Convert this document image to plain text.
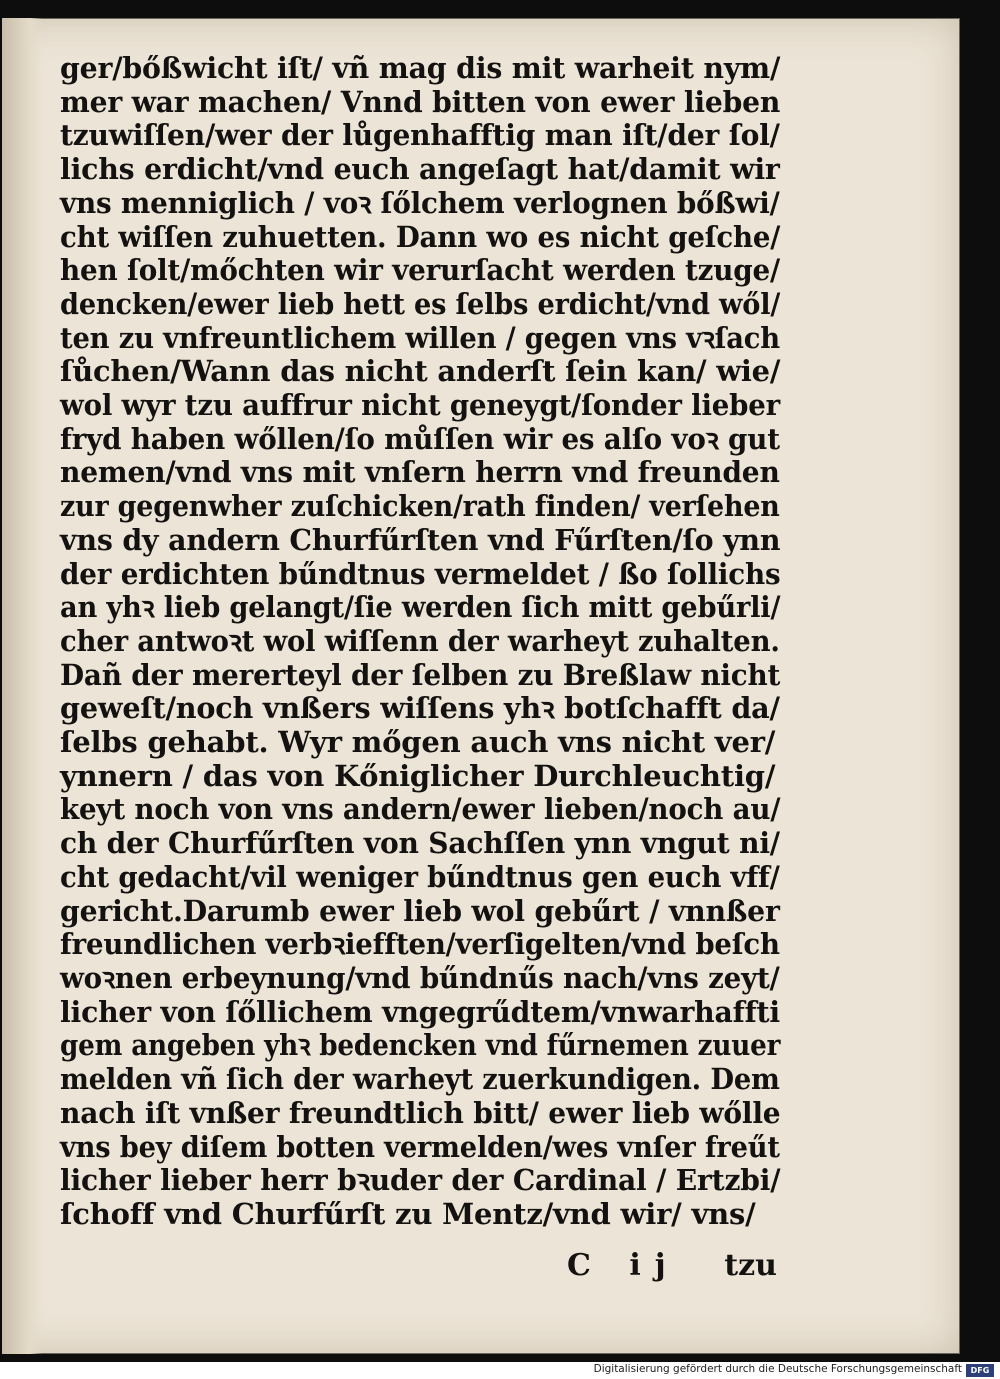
ger/bőßwicht iſt/ vñ mag dis mit warheit nym/
mer war machen/ Vnnd bitten von ewer lieben
tzuwiſſen/wer der lůgenhafftig man iſt/der ſol/
lichs erdicht/vnd euch angeſagt hat/damit wir
vns menniglich / voꝛ ſőlchem verlognen bőßwi/
cht wiſſen zuhuetten. Dann wo es nicht geſche/
hen ſolt/mőchten wir verurſacht werden tzuge/
dencken/ewer lieb hett es ſelbs erdicht/vnd wől/
ten zu vnfreuntlichem willen / gegen vns vꝛſach
ſůchen/Wann das nicht anderſt ſein kan/ wie/
wol wyr tzu auffrur nicht geneygt/ſonder lieber
fryd haben wőllen/ſo můſſen wir es alſo voꝛ gut
nemen/vnd vns mit vnſern herrn vnd freunden
zur gegenwher zuſchicken/rath finden/ verſehen
vns dy andern Churfűrſten vnd Fűrſten/ſo ynn
der erdichten bűndtnus vermeldet / ßo ſollichs
an yhꝛ lieb gelangt/ſie werden ſich mitt gebűrli/
cher antwoꝛt wol wiſſenn der warheyt zuhalten.
Dañ der mererteyl der ſelben zu Breßlaw nicht
geweſt/noch vnßers wiſſens yhꝛ botſchafft da/
ſelbs gehabt. Wyr mőgen auch vns nicht ver/
ynnern / das von Kőniglicher Durchleuchtig/
keyt noch von vns andern/ewer lieben/noch au/
ch der Churfűrſten von Sachſſen ynn vngut ni/
cht gedacht/vil weniger bűndtnus gen euch vff/
gericht.Darumb ewer lieb wol gebűrt / vnnßer
freundlichen verbꝛiefften/verſigelten/vnd beſch
woꝛnen erbeynung/vnd bűndnűs nach/vns zeyt/
licher von ſőllichem vngegrűdtem/vnwarhaffti
gem angeben yhꝛ bedencken vnd fűrnemen zuuer
melden vñ ſich der warheyt zuerkundigen. Dem
nach iſt vnßer freundtlich bitt/ ewer lieb wőlle
vns bey diſem botten vermelden/wes vnſer freűt
licher lieber herr bꝛuder der Cardinal / Ertzbi/
ſchoff vnd Churfűrſt zu Mentz/vnd wir/ vns/
C ij tzu
Digitalisierung gefördert durch die Deutsche Forschungsgemeinschaft	DFG
